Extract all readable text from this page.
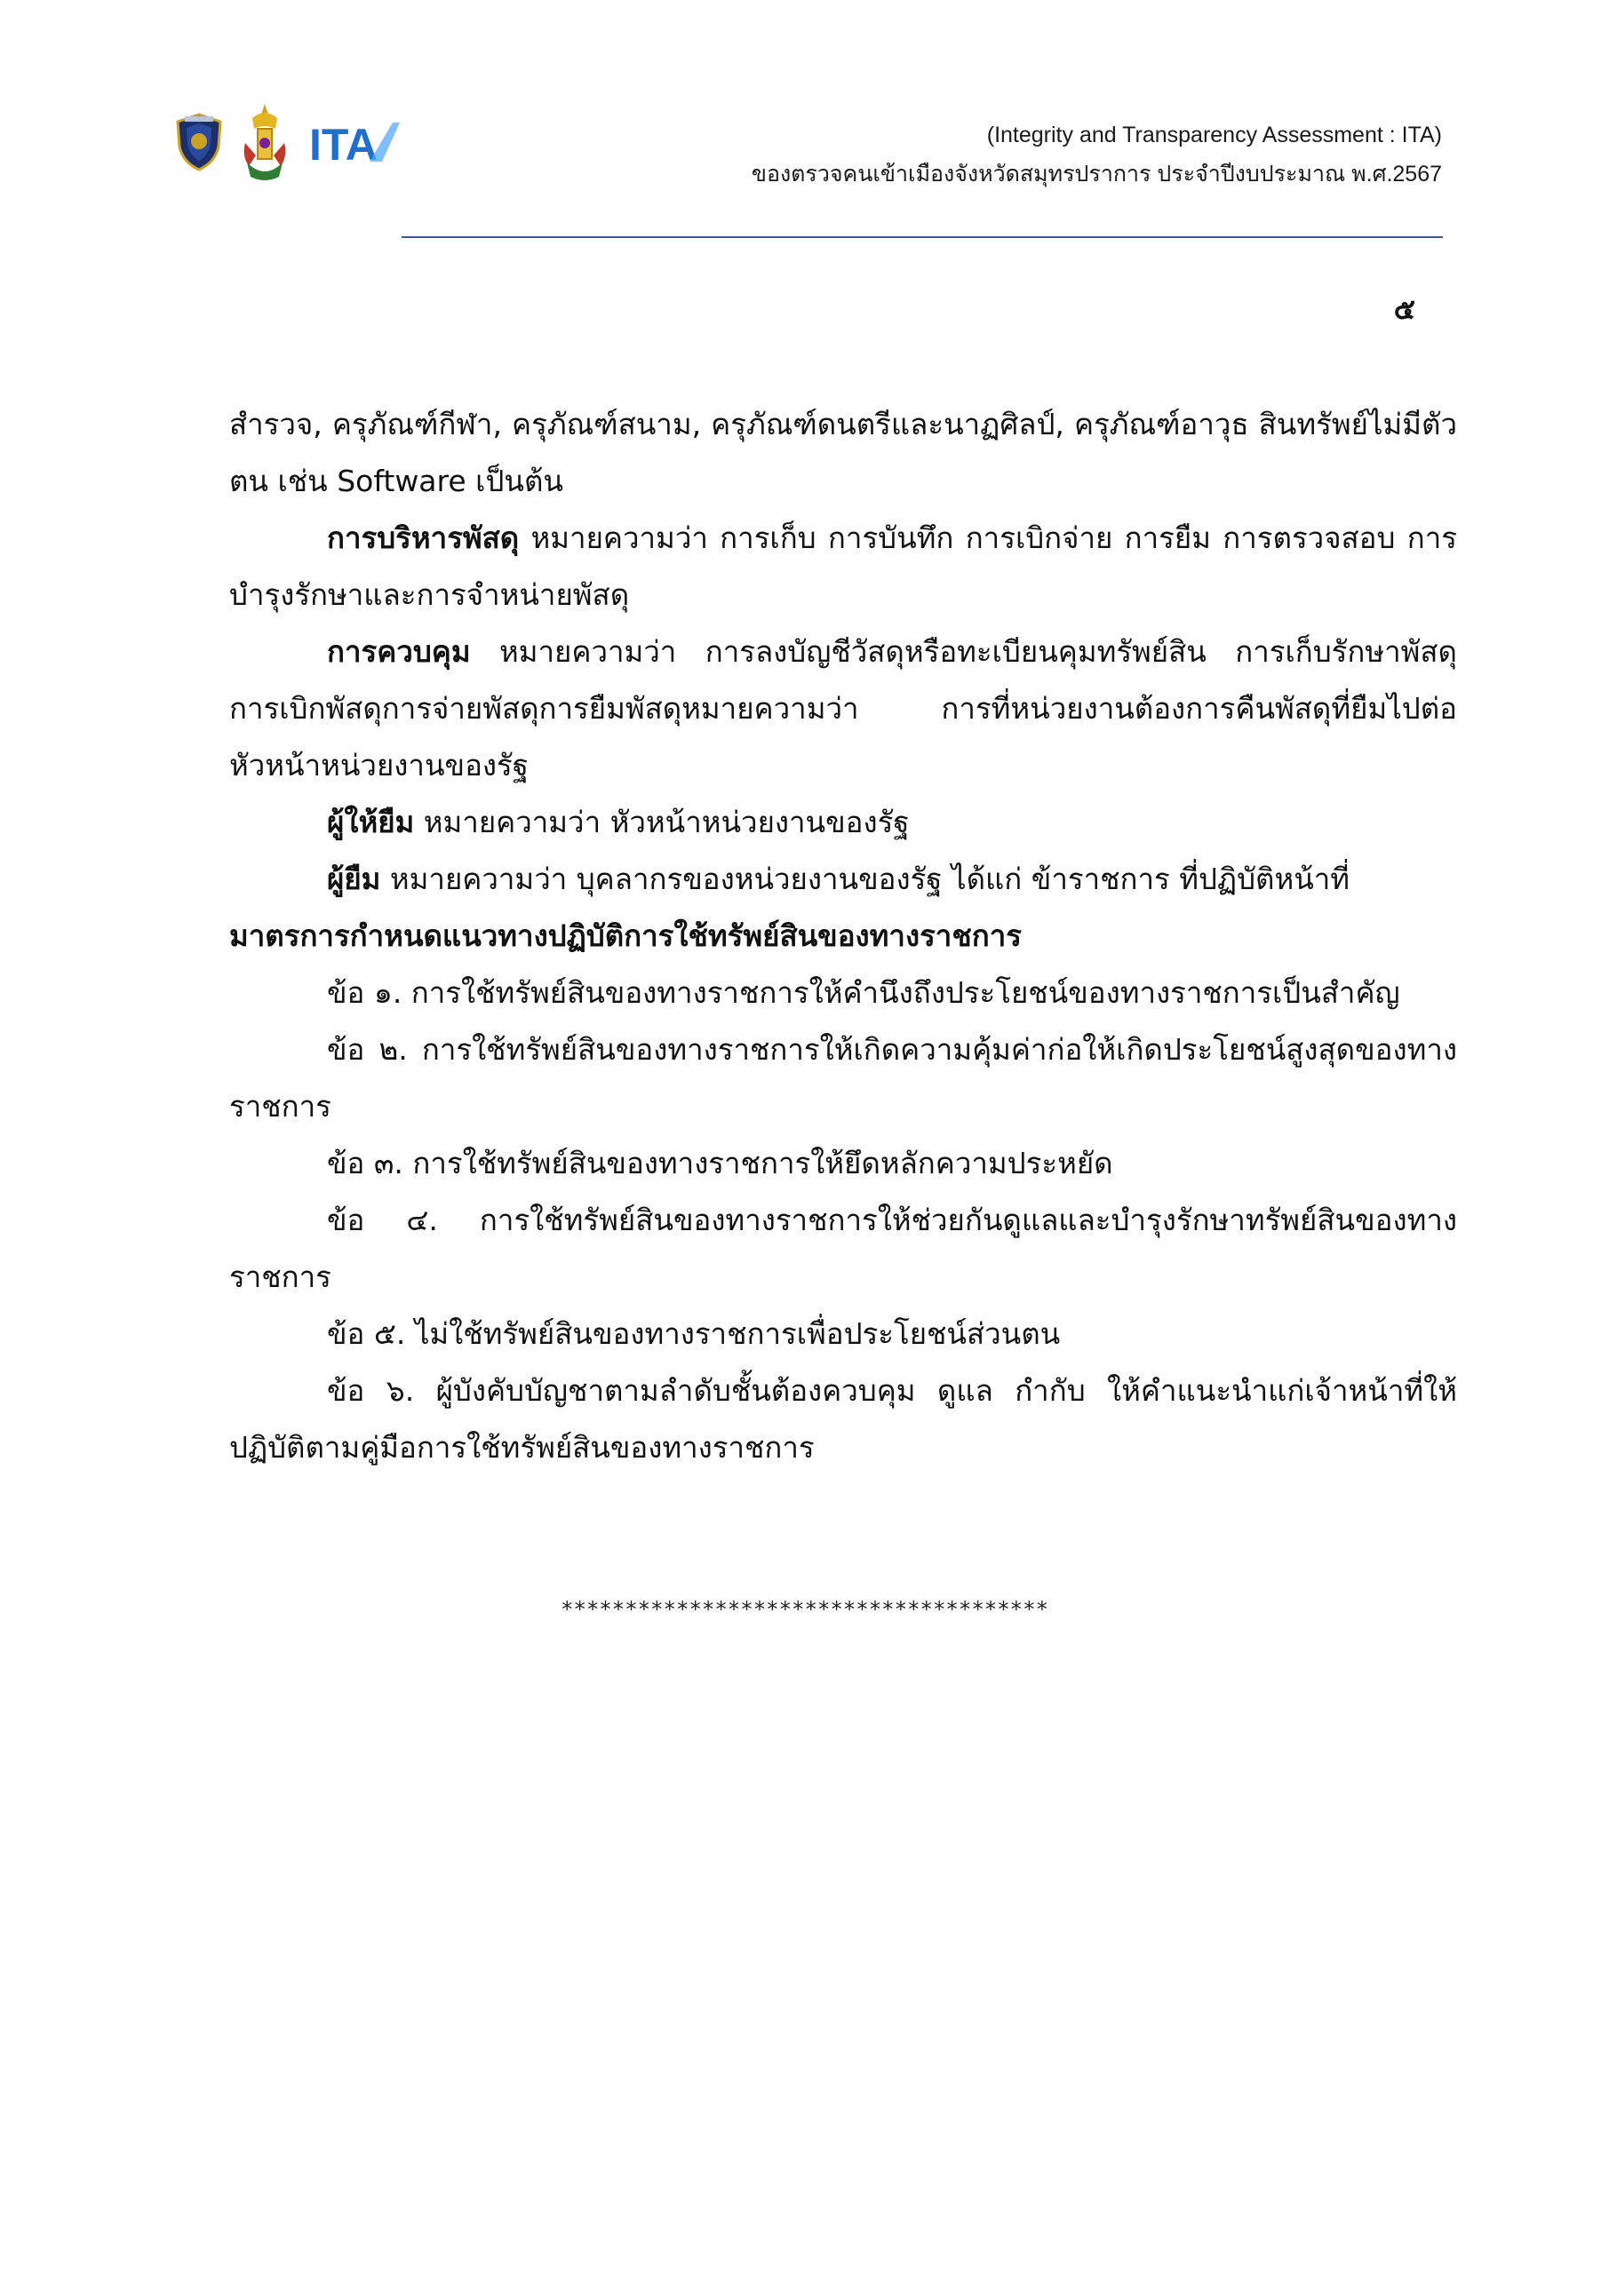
ITA	(Integrity and Transparency Assessment : ITA)
ของตรวจคนเข้าเมืองจังหวัดสมุทรปราการ ประจำปีงบประมาณ พ.ศ.2567
๕

สำรวจ, ครุภัณฑ์กีฬา, ครุภัณฑ์สนาม, ครุภัณฑ์ดนตรีและนาฏศิลป์, ครุภัณฑ์อาวุธ สินทรัพย์ไม่มีตัวตน เช่น Software เป็นต้น

การบริหารพัสดุ หมายความว่า การเก็บ การบันทึก การเบิกจ่าย การยืม การตรวจสอบ การบำรุงรักษาและการจำหน่ายพัสดุ

การควบคุม หมายความว่า การลงบัญชีวัสดุหรือทะเบียนคุมทรัพย์สิน การเก็บรักษาพัสดุ การเบิกพัสดุการจ่ายพัสดุการยืมพัสดุหมายความว่า การที่หน่วยงานต้องการคืนพัสดุที่ยืมไปต่อหัวหน้าหน่วยงานของรัฐ

ผู้ให้ยืม หมายความว่า หัวหน้าหน่วยงานของรัฐ

ผู้ยืม หมายความว่า บุคลากรของหน่วยงานของรัฐ ได้แก่ ข้าราชการ ที่ปฏิบัติหน้าที่

มาตรการกำหนดแนวทางปฏิบัติการใช้ทรัพย์สินของทางราชการ

ข้อ ๑. การใช้ทรัพย์สินของทางราชการให้คำนึงถึงประโยชน์ของทางราชการเป็นสำคัญ

ข้อ ๒. การใช้ทรัพย์สินของทางราชการให้เกิดความคุ้มค่าก่อให้เกิดประโยชน์สูงสุดของทางราชการ

ข้อ ๓. การใช้ทรัพย์สินของทางราชการให้ยึดหลักความประหยัด

ข้อ ๔. การใช้ทรัพย์สินของทางราชการให้ช่วยกันดูแลและบำรุงรักษาทรัพย์สินของทางราชการ

ข้อ ๕. ไม่ใช้ทรัพย์สินของทางราชการเพื่อประโยชน์ส่วนตน

ข้อ ๖. ผู้บังคับบัญชาตามลำดับชั้นต้องควบคุม ดูแล กำกับ ให้คำแนะนำแก่เจ้าหน้าที่ให้ปฏิบัติตามคู่มือการใช้ทรัพย์สินของทางราชการ

**************************************
